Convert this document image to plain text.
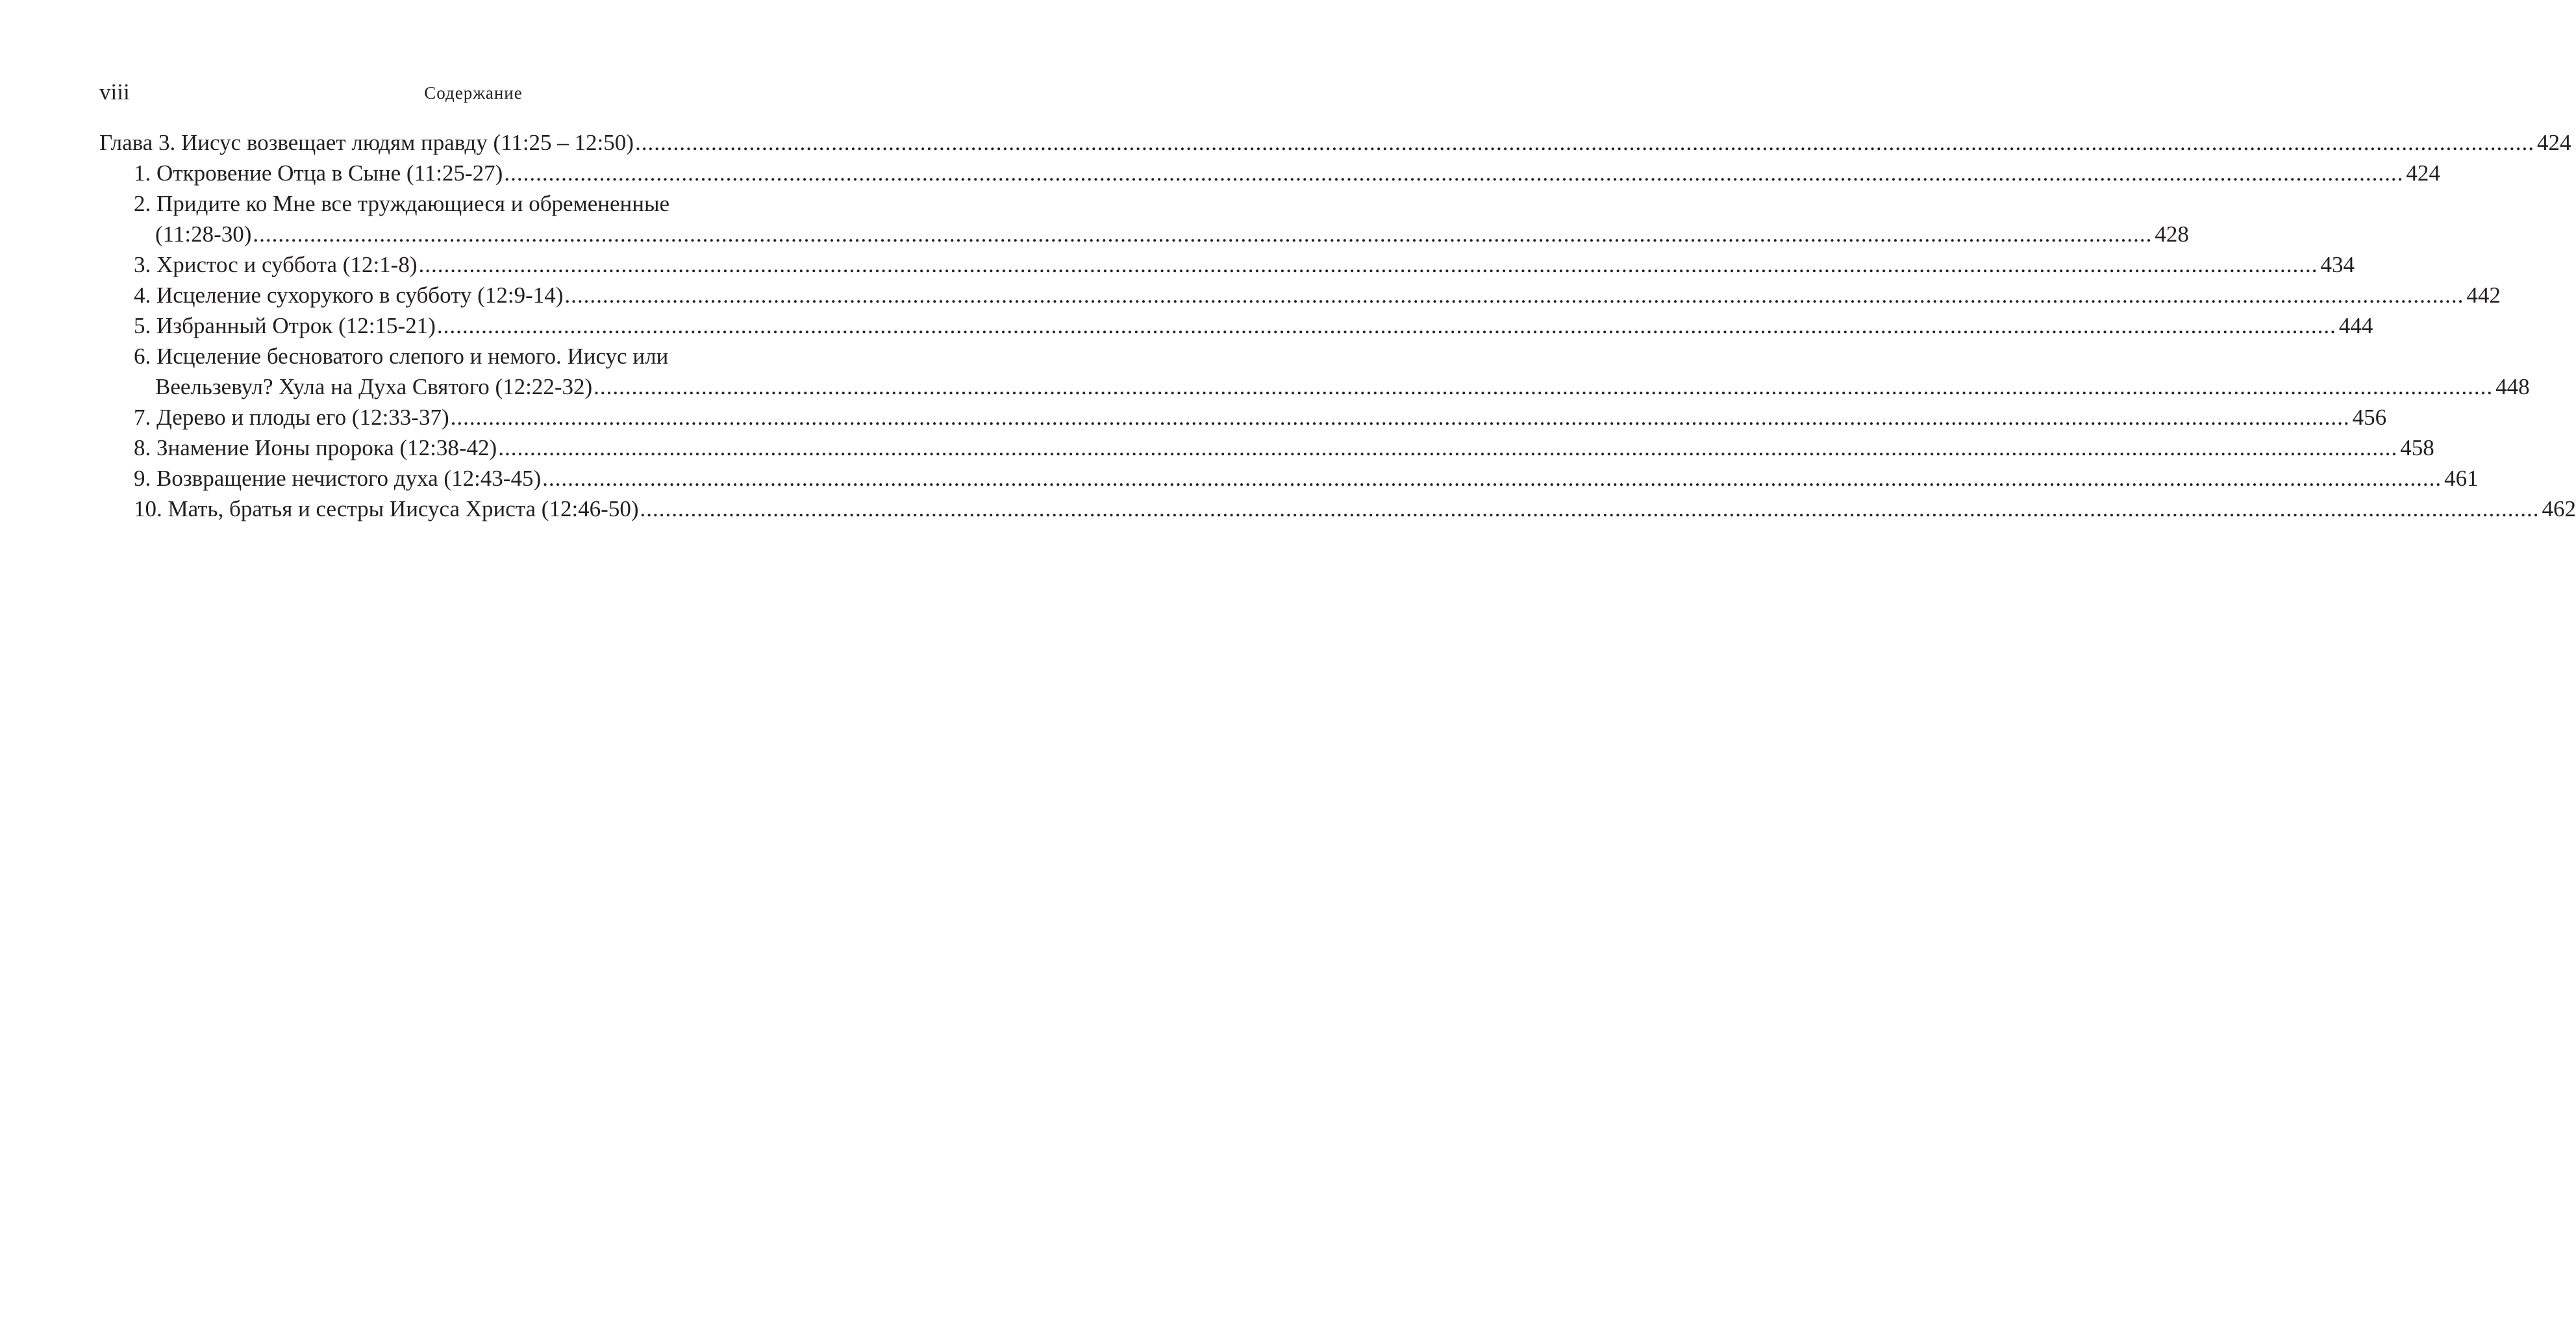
viii	Содержание
Глава 3. Иисус возвещает людям правду (11:25 – 12:50) ............................................................................................................................................................................................................................................................................................................ 424
1. Откровение Отца в Сыне (11:25-27) ............................................................................................................................................................................................................................................................................................................ 424
2. Придите ко Мне все труждающиеся и обремененные
(11:28-30) ............................................................................................................................................................................................................................................................................................................ 428
3. Христос и суббота (12:1-8) ............................................................................................................................................................................................................................................................................................................ 434
4. Исцеление сухорукого в субботу (12:9-14) ............................................................................................................................................................................................................................................................................................................ 442
5. Избранный Отрок (12:15-21) ............................................................................................................................................................................................................................................................................................................ 444
6. Исцеление бесноватого слепого и немого. Иисус или
Веельзевул? Хула на Духа Святого (12:22-32) ............................................................................................................................................................................................................................................................................................................ 448
7. Дерево и плоды его (12:33-37) ............................................................................................................................................................................................................................................................................................................ 456
8. Знамение Ионы пророка (12:38-42) ............................................................................................................................................................................................................................................................................................................ 458
9. Возвращение нечистого духа (12:43-45) ............................................................................................................................................................................................................................................................................................................ 461
10. Мать, братья и сестры Иисуса Христа (12:46-50) ............................................................................................................................................................................................................................................................................................................ 462
